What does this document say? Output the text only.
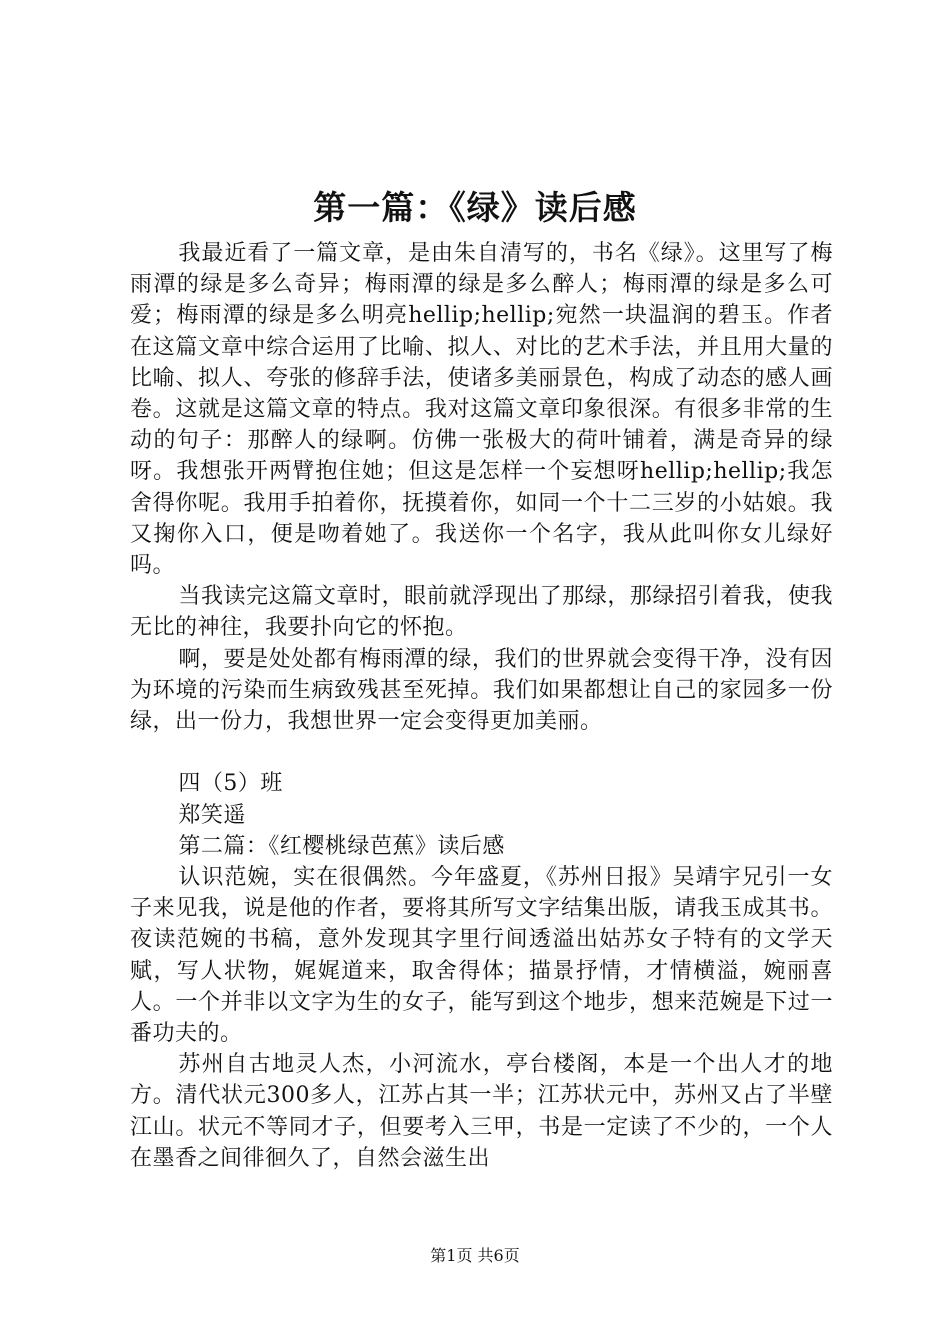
第一篇：《绿》读后感

我最近看了一篇文章，是由朱自清写的，书名《绿》。这里写了梅雨潭的绿是多么奇异；梅雨潭的绿是多么醉人；梅雨潭的绿是多么可爱；梅雨潭的绿是多么明亮hellip;hellip;宛然一块温润的碧玉。作者在这篇文章中综合运用了比喻、拟人、对比的艺术手法，并且用大量的比喻、拟人、夸张的修辞手法，使诸多美丽景色，构成了动态的感人画卷。这就是这篇文章的特点。我对这篇文章印象很深。有很多非常的生动的句子：那醉人的绿啊。仿佛一张极大的荷叶铺着，满是奇异的绿呀。我想张开两臂抱住她；但这是怎样一个妄想呀hellip;hellip;我怎舍得你呢。我用手拍着你，抚摸着你，如同一个十二三岁的小姑娘。我又掬你入口，便是吻着她了。我送你一个名字，我从此叫你女儿绿好吗。

当我读完这篇文章时，眼前就浮现出了那绿，那绿招引着我，使我无比的神往，我要扑向它的怀抱。

啊，要是处处都有梅雨潭的绿，我们的世界就会变得干净，没有因为环境的污染而生病致残甚至死掉。我们如果都想让自己的家园多一份绿，出一份力，我想世界一定会变得更加美丽。

四（5）班

郑笑遥

第二篇：《红樱桃绿芭蕉》读后感

认识范婉，实在很偶然。今年盛夏，《苏州日报》吴靖宇兄引一女子来见我，说是他的作者，要将其所写文字结集出版，请我玉成其书。夜读范婉的书稿，意外发现其字里行间透溢出姑苏女子特有的文学天赋，写人状物，娓娓道来，取舍得体；描景抒情，才情横溢，婉丽喜人。一个并非以文字为生的女子，能写到这个地步，想来范婉是下过一番功夫的。

苏州自古地灵人杰，小河流水，亭台楼阁，本是一个出人才的地方。清代状元300多人，江苏占其一半；江苏状元中，苏州又占了半壁江山。状元不等同才子，但要考入三甲，书是一定读了不少的，一个人在墨香之间徘徊久了，自然会滋生出

第1页 共6页
